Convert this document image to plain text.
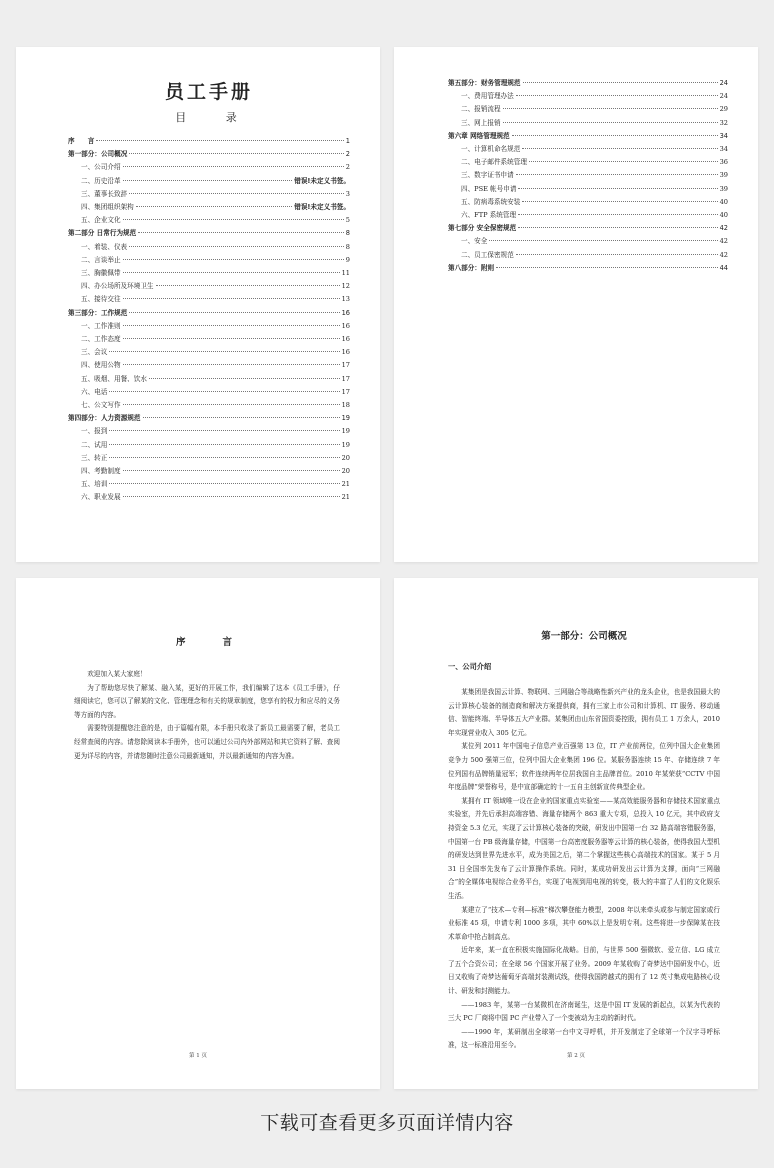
员工手册
目 录
序　　言	1
第一部分：公司概况	2
一、公司介绍	2
二、历史沿革	错误!未定义书签。
三、董事长致辞	3
四、集团组织架构	错误!未定义书签。
五、企业文化	5
第二部分 日常行为规范	8
一、着装、仪表	8
二、言谈举止	9
三、胸徽佩带	11
四、办公场所及环境卫生	12
五、接待交往	13
第三部分：工作规范	16
一、工作准则	16
二、工作态度	16
三、会议	16
四、使用公物	17
五、吸烟、用餐、饮水	17
六、电话	17
七、公文写作	18
第四部分：人力资源规范	19
一、报到	19
二、试用	19
三、转正	20
四、考勤制度	20
五、培训	21
六、职业发展	21
第五部分：财务管理规范	24
一、费用管理办法	24
二、报销流程	29
三、网上报销	32
第六章 网络管理规范	34
一、计算机命名规范	34
二、电子邮件系统管理	36
三、数字证书申请	39
四、PSE 帐号申请	39
五、防病毒系统安装	40
六、FTP 系统管理	40
第七部分 安全保密规范	42
一、安全	42
二、员工保密规范	42
第八部分：附则	44
序　　言

欢迎加入某大家庭！

为了帮助您尽快了解某、融入某，更好的开展工作，我们编辑了这本《员工手册》，仔细阅读它，您可以了解某的文化、管理理念和有关的规章制度，您享有的权力和应尽的义务等方面的内容。

需要特别提醒您注意的是，由于篇幅有限，本手册只收录了新员工最需要了解，老员工经常查阅的内容。请您除阅读本手册外，也可以通过公司内外部网站和其它资料了解、查阅更为详尽的内容，并请您随时注意公司最新通知，并以最新通知的内容为准。

第 1 页
第一部分：公司概况
一、公司介绍

某集团是我国云计算、物联网、三网融合等战略性新兴产业的龙头企业，也是我国最大的云计算核心装备的制造商和解决方案提供商，拥有三家上市公司和计算机、IT 服务、移动通信、智能终端、半导体五大产业群。某集团由山东省国资委控股，拥有员工 1 万余人，2010 年实现营业收入 305 亿元。

某位列 2011 年中国电子信息产业百强第 13 位，IT 产业前两位，位列中国大企业集团竞争力 500 强第三位，位列中国大企业集团 196 位。某服务器连续 15 年、存储连续 7 年位列国有品牌销量冠军；软件连续两年位居我国自主品牌首位。2010 年某荣获“CCTV 中国年度品牌”荣誉称号，是中宣部确定的十一五自主创新宣传典型企业。

某拥有 IT 领域唯一设在企业的国家重点实验室——某高效能服务器和存储技术国家重点实验室，并先后承担高端容错、海量存储两个 863 重大专项，总投入 10 亿元，其中政府支持资金 5.3 亿元，实现了云计算核心装备的突破，研发出中国第一台 32 路高端容错服务器，中国第一台 PB 级海量存储，中国第一台高密度服务器等云计算的核心装备，使得我国大型机的研发达到世界先进水平，成为美国之后，第二个掌握这些核心高端技术的国家。某于 5 月 31 日全国率先发布了云计算操作系统。同时，某成功研发出云计算为支撑，面向“三网融合”的全媒体电视综合业务平台，实现了电视到用电视的转变，极大的丰富了人们的文化娱乐生活。

某建立了“技术—专利—标准”梯次攀登能力模型，2008 年以来牵头或参与制定国家或行业标准 45 项，申请专利 1000 多项，其中 60%以上是发明专利。这些将进一步保障某在技术革命中抢占制高点。

近年来，某一直在积极实施国际化战略。目前，与世界 500 强微软、爱立信、LG 成立了五个合资公司；在全球 56 个国家开展了业务。2009 年某收购了奇梦达中国研发中心，近日又收购了奇梦达葡萄牙高端封装测试线，使得我国跨越式的拥有了 12 英寸集成电路核心设计、研发和封测能力。

——1983 年，某第一台某微机在济南诞生，这是中国 IT 发展的新起点，以某为代表的三大 PC 厂商将中国 PC 产业带入了一个变被动为主动的新时代。

——1990 年，某研制出全球第一台中文寻呼机，并开发制定了全球第一个汉字寻呼标准，这一标准沿用至今。

第 2 页
下载可查看更多页面详情内容
